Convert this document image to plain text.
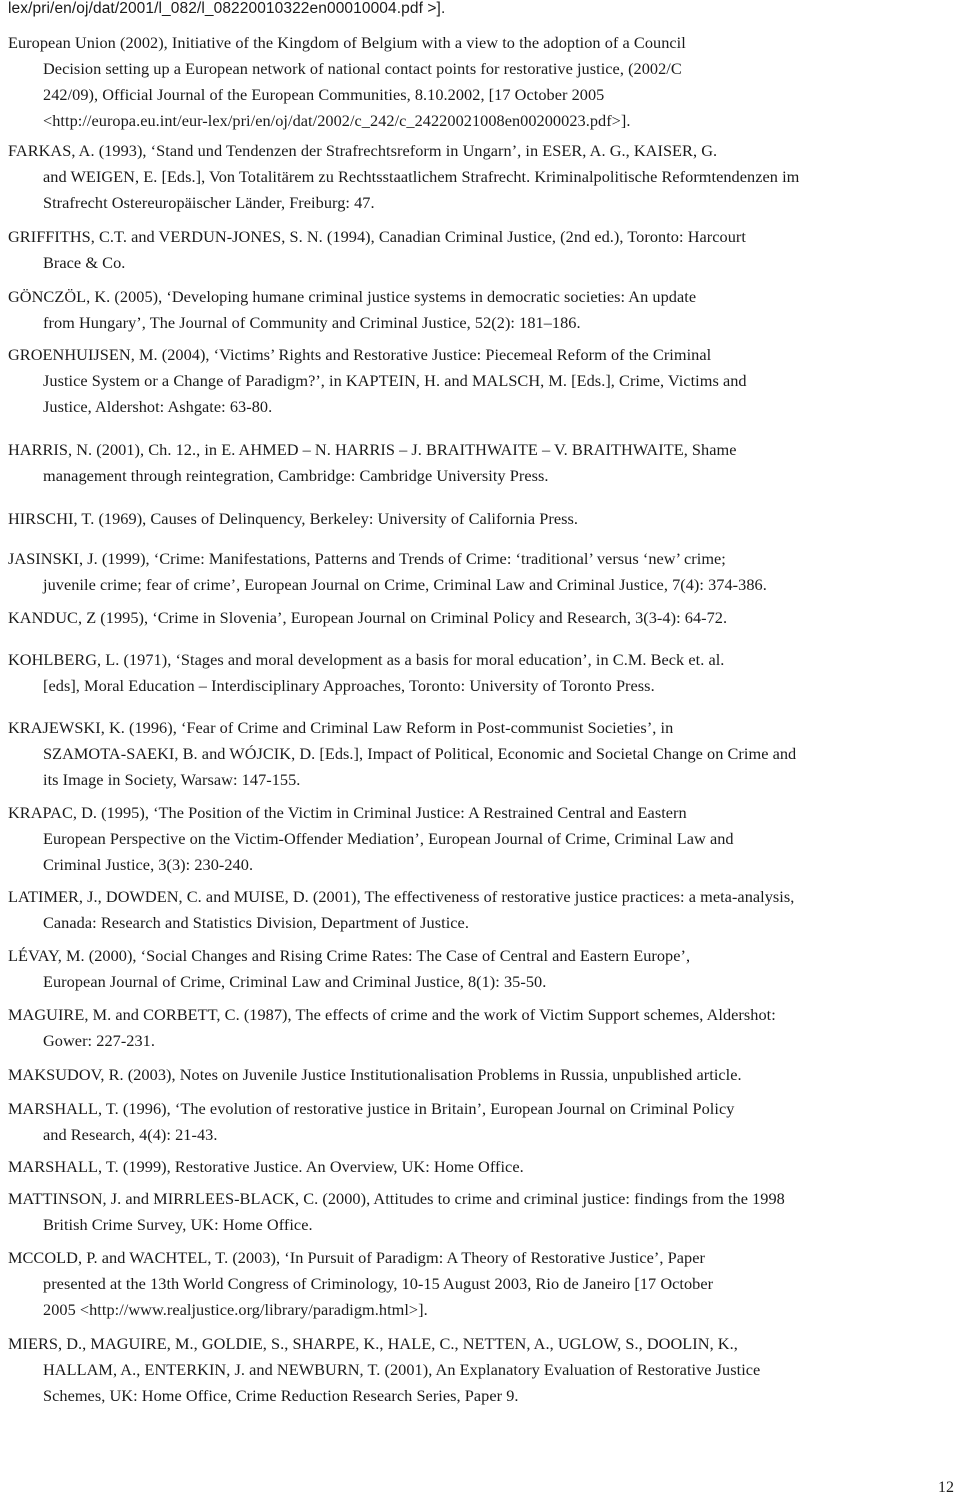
lex/pri/en/oj/dat/2001/l_082/l_08220010322en00010004.pdf >].
European Union (2002), Initiative of the Kingdom of Belgium with a view to the adoption of a Council
Decision setting up a European network of national contact points for restorative justice, (2002/C
242/09), Official Journal of the European Communities, 8.10.2002, [17 October 2005
<http://europa.eu.int/eur-lex/pri/en/oj/dat/2002/c_242/c_24220021008en00200023.pdf>].
FARKAS, A. (1993), ‘Stand und Tendenzen der Strafrechtsreform in Ungarn’, in ESER, A. G., KAISER, G.
and WEIGEN, E. [Eds.], Von Totalitärem zu Rechtsstaatlichem Strafrecht. Kriminalpolitische Reformtendenzen im
Strafrecht Ostereuropäischer Länder, Freiburg: 47.
GRIFFITHS, C.T. and VERDUN-JONES, S. N. (1994), Canadian Criminal Justice, (2nd ed.), Toronto: Harcourt
Brace & Co.
GÖNCZÖL, K. (2005), ‘Developing humane criminal justice systems in democratic societies: An update
from Hungary’, The Journal of Community and Criminal Justice, 52(2): 181–186.
GROENHUIJSEN, M. (2004), ‘Victims’ Rights and Restorative Justice: Piecemeal Reform of the Criminal
Justice System or a Change of Paradigm?’, in KAPTEIN, H. and MALSCH, M. [Eds.], Crime, Victims and
Justice, Aldershot: Ashgate: 63-80.
HARRIS, N. (2001), Ch. 12., in E. AHMED – N. HARRIS – J. BRAITHWAITE – V. BRAITHWAITE, Shame
management through reintegration, Cambridge: Cambridge University Press.
HIRSCHI, T. (1969), Causes of Delinquency, Berkeley: University of California Press.
JASINSKI, J. (1999), ‘Crime: Manifestations, Patterns and Trends of Crime: ‘traditional’ versus ‘new’ crime;
juvenile crime; fear of crime’, European Journal on Crime, Criminal Law and Criminal Justice, 7(4): 374-386.
KANDUC, Z (1995), ‘Crime in Slovenia’, European Journal on Criminal Policy and Research, 3(3-4): 64-72.
KOHLBERG, L. (1971), ‘Stages and moral development as a basis for moral education’, in C.M. Beck et. al.
[eds], Moral Education – Interdisciplinary Approaches, Toronto: University of Toronto Press.
KRAJEWSKI, K. (1996), ‘Fear of Crime and Criminal Law Reform in Post-communist Societies’, in
SZAMOTA-SAEKI, B. and WÓJCIK, D. [Eds.], Impact of Political, Economic and Societal Change on Crime and
its Image in Society, Warsaw: 147-155.
KRAPAC, D. (1995), ‘The Position of the Victim in Criminal Justice: A Restrained Central and Eastern
European Perspective on the Victim-Offender Mediation’, European Journal of Crime, Criminal Law and
Criminal Justice, 3(3): 230-240.
LATIMER, J., DOWDEN, C. and MUISE, D. (2001), The effectiveness of restorative justice practices: a meta-analysis,
Canada: Research and Statistics Division, Department of Justice.
LÉVAY, M. (2000), ‘Social Changes and Rising Crime Rates: The Case of Central and Eastern Europe’,
European Journal of Crime, Criminal Law and Criminal Justice, 8(1): 35-50.
MAGUIRE, M. and CORBETT, C. (1987), The effects of crime and the work of Victim Support schemes, Aldershot:
Gower: 227-231.
MAKSUDOV, R. (2003), Notes on Juvenile Justice Institutionalisation Problems in Russia, unpublished article.
MARSHALL, T. (1996), ‘The evolution of restorative justice in Britain’, European Journal on Criminal Policy
and Research, 4(4): 21-43.
MARSHALL, T. (1999), Restorative Justice. An Overview, UK: Home Office.
MATTINSON, J. and MIRRLEES-BLACK, C. (2000), Attitudes to crime and criminal justice: findings from the 1998
British Crime Survey, UK: Home Office.
MCCOLD, P. and WACHTEL, T. (2003), ‘In Pursuit of Paradigm: A Theory of Restorative Justice’, Paper
presented at the 13th World Congress of Criminology, 10-15 August 2003, Rio de Janeiro [17 October
2005 <http://www.realjustice.org/library/paradigm.html>].
MIERS, D., MAGUIRE, M., GOLDIE, S., SHARPE, K., HALE, C., NETTEN, A., UGLOW, S., DOOLIN, K.,
HALLAM, A., ENTERKIN, J. and NEWBURN, T. (2001), An Explanatory Evaluation of Restorative Justice
Schemes, UK: Home Office, Crime Reduction Research Series, Paper 9.
12
